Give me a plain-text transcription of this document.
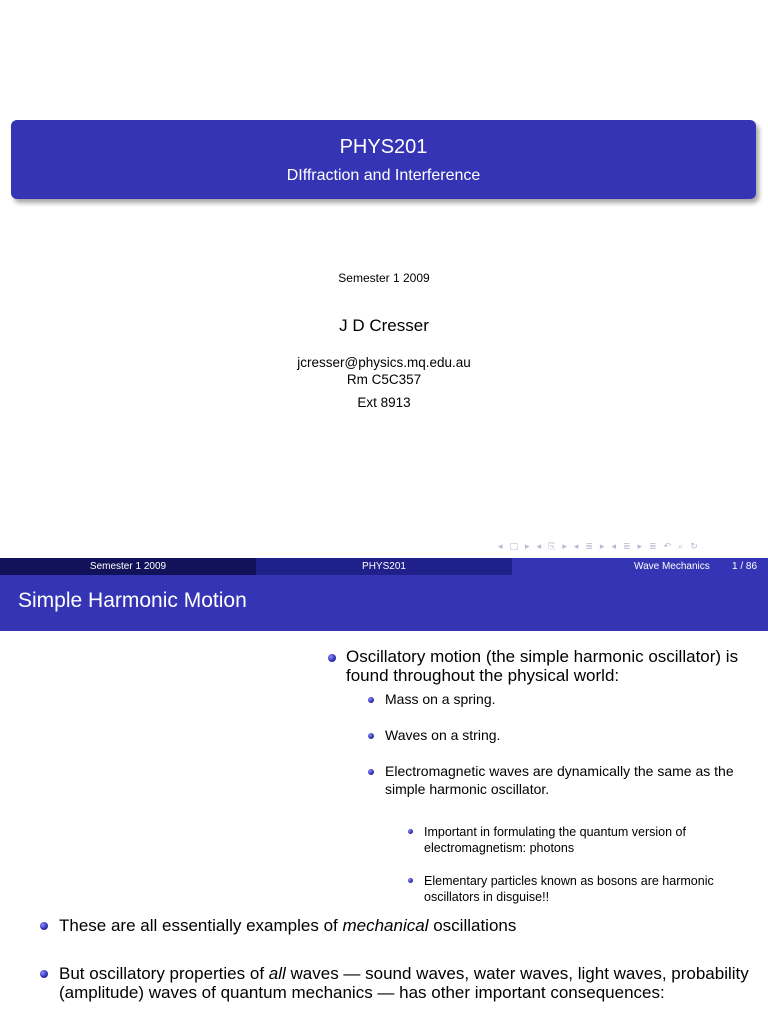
PHYS201
DIffraction and Interference
Semester 1 2009
J D Cresser
jcresser@physics.mq.edu.au
Rm C5C357
Ext 8913
◂ □ ▸ ◂ ⎘ ▸ ◂ ≣ ▸ ◂ ≣ ▸ ≣ ↶ ⌕ ↻
Semester 1 2009	PHYS201	Wave Mechanics 1 / 86
Simple Harmonic Motion
Oscillatory motion (the simple harmonic oscillator) is found throughout the physical world:
Mass on a spring.
Waves on a string.
Electromagnetic waves are dynamically the same as the simple harmonic oscillator.
Important in formulating the quantum version of electromagnetism: photons
Elementary particles known as bosons are harmonic oscillators in disguise!!
These are all essentially examples of mechanical oscillations
But oscillatory properties of all waves — sound waves, water waves, light waves, probability (amplitude) waves of quantum mechanics — has other important consequences:
